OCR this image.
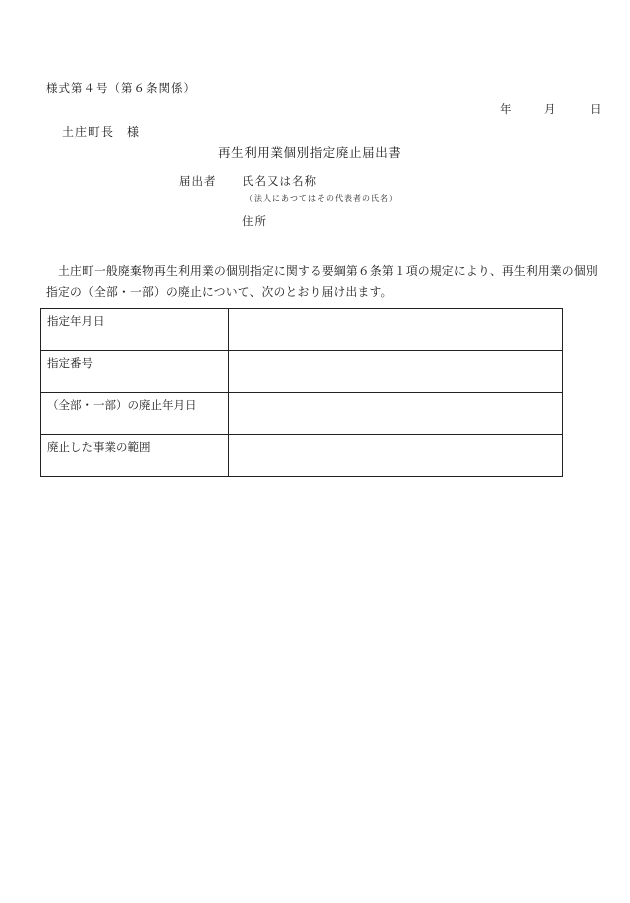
様式第４号（第６条関係）
年	月	日
土庄町長　様
再生利用業個別指定廃止届出書
届出者 氏名又は名称
（法人にあつてはその代表者の氏名）
住所
土庄町一般廃棄物再生利用業の個別指定に関する要綱第６条第１項の規定により、再生利用業の個別指定の（全部・一部）の廃止について、次のとおり届け出ます。
指定年月日	
指定番号	
（全部・一部）の廃止年月日	
廃止した事業の範囲	
